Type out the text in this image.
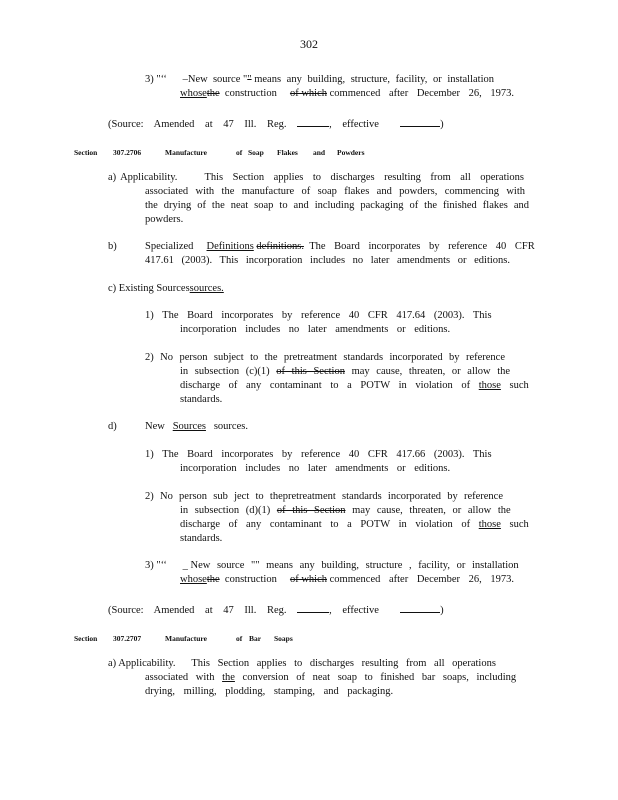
302
3) "‘‘ –New source "" means any building, structure, facility, or installation
whosethe construction of which commenced after December 26, 1973.
(Source: Amended at 47 Ill. Reg.	, effective	)
Section 307.2706	Manufacture	of Soap Flakes and Powders
a) Applicability.	This Section applies to discharges resulting from all operations
associated with the manufacture of soap flakes and powders, commencing with
the drying of the neat soap to and including packaging of the finished flakes and
powders.
b)	Specialized Definitions definitions. The Board incorporates by reference 40 CFR
417.61 (2003). This incorporation includes no later amendments or editions.
c) Existing Sourcessources.
1) The Board incorporates by reference 40 CFR 417.64 (2003). This
incorporation includes no later amendments or editions.
2) No person subject to the pretreatment standards incorporated by reference
in subsection (c)(1) of this Section may cause, threaten, or allow the
discharge of any contaminant to a POTW in violation of those such
standards.
d)	New Sources sources.
1) The Board incorporates by reference 40 CFR 417.66 (2003). This
incorporation includes no later amendments or editions.
2) No person sub ject to thepretreatment standards incorporated by reference
in subsection (d)(1) of this Section may cause, threaten, or allow the
discharge of any contaminant to a POTW in violation of those such
standards.
3) "‘‘ _ New source "" means any building, structure , facility, or installation
whosethe construction of which commenced after December 26, 1973.
(Source: Amended at 47 Ill. Reg.	, effective	)
Section 307.2707	Manufacture	of Bar Soaps
a) Applicability. This Section applies to discharges resulting from all operations
associated with the conversion of neat soap to finished bar soaps, including
drying, milling, plodding, stamping, and packaging.
